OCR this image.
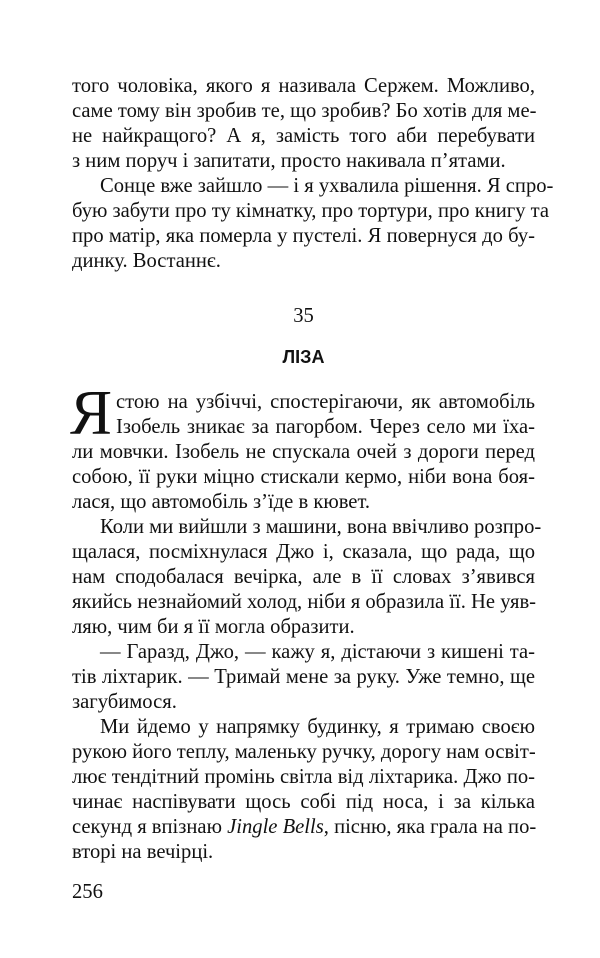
того чоловіка, якого я називала Сержем. Можливо,
саме тому він зробив те, що зробив? Бо хотів для ме-
не найкращого? А я, замість того аби перебувати
з ним поруч і запитати, просто накивала п’ятами.
Сонце вже зайшло — і я ухвалила рішення. Я спро-
бую забути про ту кімнатку, про тортури, про книгу та
про матір, яка померла у пустелі. Я повернуся до бу-
динку. Востаннє.
35
ЛІЗА
Я стою на узбіччі, спостерігаючи, як автомобіль
Ізобель зникає за пагорбом. Через село ми їха-
ли мовчки. Ізобель не спускала очей з дороги перед
собою, її руки міцно стискали кермо, ніби вона боя-
лася, що автомобіль з’їде в кювет.
Коли ми вийшли з машини, вона ввічливо розпро-
щалася, посміхнулася Джо і, сказала, що рада, що
нам сподобалася вечірка, але в її словах з’явився
якийсь незнайомий холод, ніби я образила її. Не уяв-
ляю, чим би я її могла образити.
— Гаразд, Джо, — кажу я, дістаючи з кишені та-
тів ліхтарик. — Тримай мене за руку. Уже темно, ще
загубимося.
Ми йдемо у напрямку будинку, я тримаю своєю
рукою його теплу, маленьку ручку, дорогу нам освіт-
лює тендітний промінь світла від ліхтарика. Джо по-
чинає наспівувати щось собі під носа, і за кілька
секунд я впізнаю Jingle Bells, пісню, яка грала на по-
вторі на вечірці.
256
